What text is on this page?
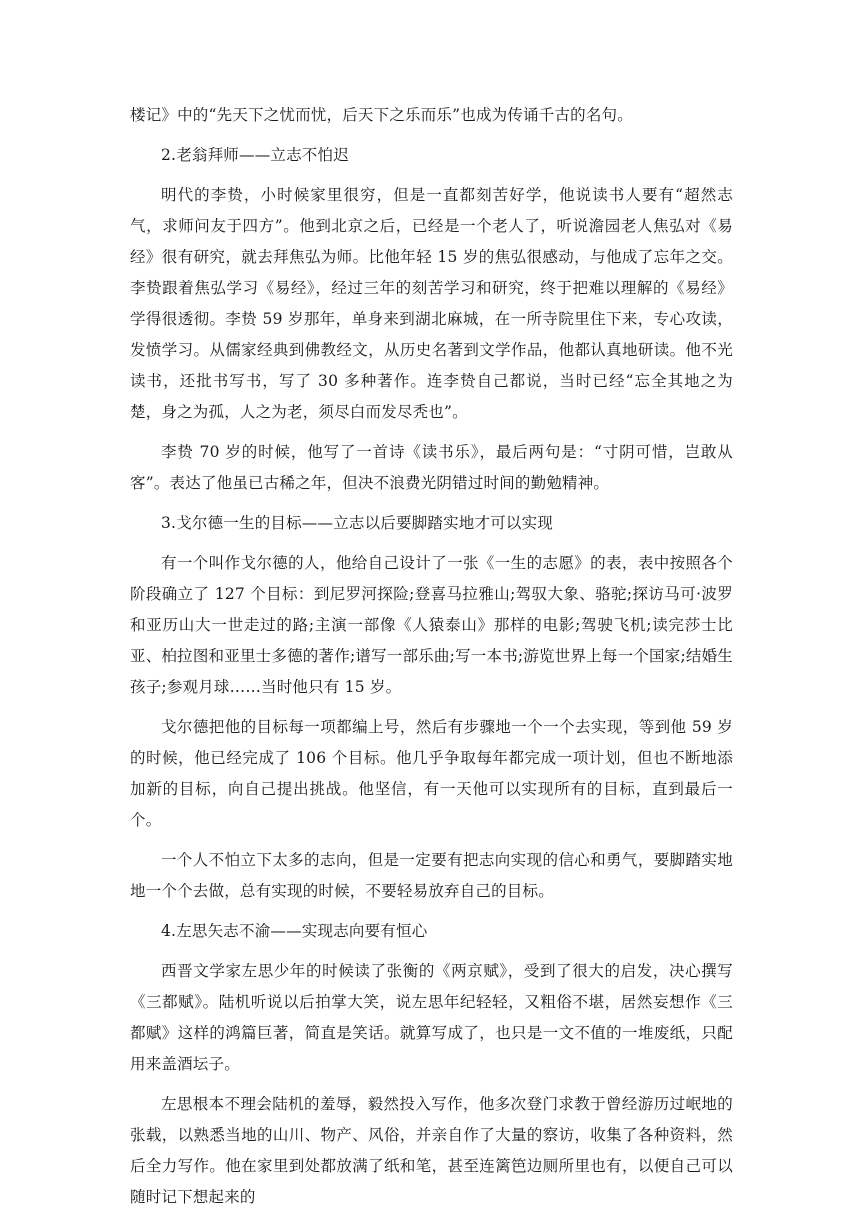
楼记》中的“先天下之忧而忧，后天下之乐而乐”也成为传诵千古的名句。

2.老翁拜师——立志不怕迟

明代的李贽，小时候家里很穷，但是一直都刻苦好学，他说读书人要有“超然志气，求师问友于四方”。他到北京之后，已经是一个老人了，听说澹园老人焦弘对《易经》很有研究，就去拜焦弘为师。比他年轻 15 岁的焦弘很感动，与他成了忘年之交。李贽跟着焦弘学习《易经》，经过三年的刻苦学习和研究，终于把难以理解的《易经》学得很透彻。李贽 59 岁那年，单身来到湖北麻城，在一所寺院里住下来，专心攻读，发愤学习。从儒家经典到佛教经文，从历史名著到文学作品，他都认真地研读。他不光读书，还批书写书，写了 30 多种著作。连李贽自己都说，当时已经“忘全其地之为楚，身之为孤，人之为老，须尽白而发尽秃也”。

李贽 70 岁的时候，他写了一首诗《读书乐》，最后两句是：“寸阴可惜，岂敢从客”。表达了他虽已古稀之年，但决不浪费光阴错过时间的勤勉精神。

3.戈尔德一生的目标——立志以后要脚踏实地才可以实现

有一个叫作戈尔德的人，他给自己设计了一张《一生的志愿》的表，表中按照各个阶段确立了 127 个目标：到尼罗河探险;登喜马拉雅山;驾驭大象、骆驼;探访马可·波罗和亚历山大一世走过的路;主演一部像《人猿泰山》那样的电影;驾驶飞机;读完莎士比亚、柏拉图和亚里士多德的著作;谱写一部乐曲;写一本书;游览世界上每一个国家;结婚生孩子;参观月球……当时他只有 15 岁。

戈尔德把他的目标每一项都编上号，然后有步骤地一个一个去实现，等到他 59 岁的时候，他已经完成了 106 个目标。他几乎争取每年都完成一项计划，但也不断地添加新的目标，向自己提出挑战。他坚信，有一天他可以实现所有的目标，直到最后一个。

一个人不怕立下太多的志向，但是一定要有把志向实现的信心和勇气，要脚踏实地地一个个去做，总有实现的时候，不要轻易放弃自己的目标。

4.左思矢志不渝——实现志向要有恒心

西晋文学家左思少年的时候读了张衡的《两京赋》，受到了很大的启发，决心撰写《三都赋》。陆机听说以后拍掌大笑，说左思年纪轻轻，又粗俗不堪，居然妄想作《三都赋》这样的鸿篇巨著，简直是笑话。就算写成了，也只是一文不值的一堆废纸，只配用来盖酒坛子。

左思根本不理会陆机的羞辱，毅然投入写作，他多次登门求教于曾经游历过岷地的张载，以熟悉当地的山川、物产、风俗，并亲自作了大量的察访，收集了各种资料，然后全力写作。他在家里到处都放满了纸和笔，甚至连篱笆边厕所里也有，以便自己可以随时记下想起来的
